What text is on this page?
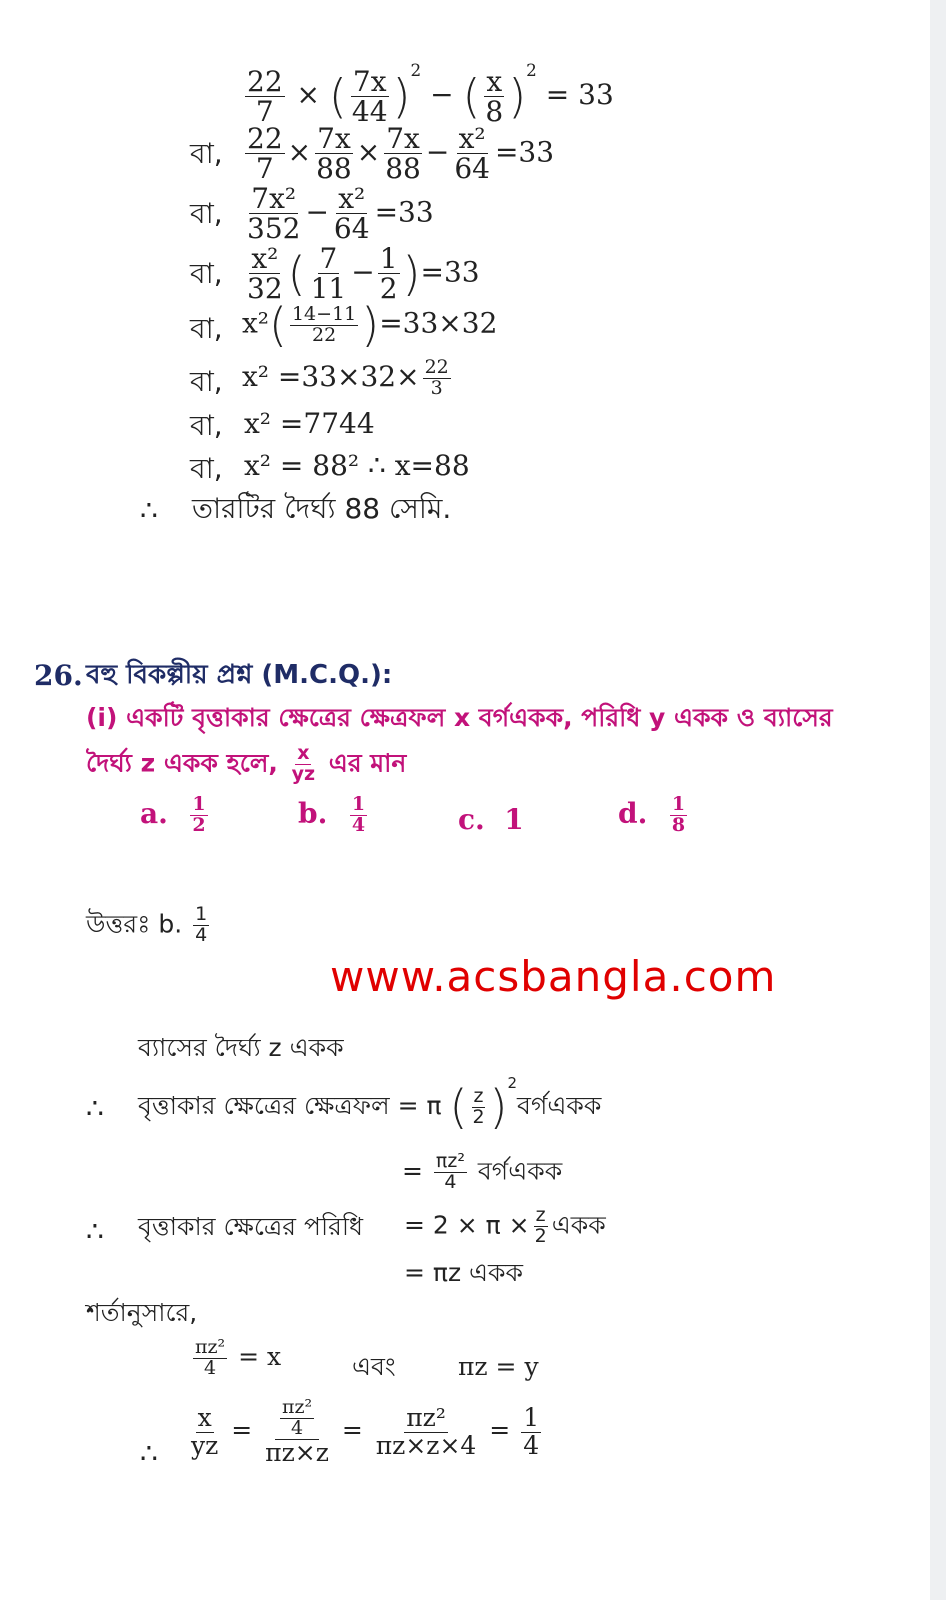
$\frac{22}{7}$ × ( $\frac{7x}{44} )^2$ − ( $\frac{x}{8} )^2 = 33$
বা, $\frac{22}{7} \times \frac{7x}{88} \times \frac{7x}{88} - \frac{\text{x²}}{64} =33$
বা, $\frac{\text{7x²}}{352} - \frac{\text{x²}}{64} =33$
বা, $\frac{\text{x²}}{32}$ ( $\frac{7}{11} - \frac{1}{2} )=33$
বা, $x^2( \frac{14-11}{22} )=33\times 32$
বা, $x^2 =33\times 32\times \frac{22}{3}$
বা, x² =7744
বা, x² = 88² ∴ x=88
∴ তারটির দৈর্ঘ্য 88 সেমি.
26. বহু বিকল্পীয় প্রশ্ন (M.C.Q.):
(i) একটি বৃত্তাকার ক্ষেত্রের ক্ষেত্রফল x বর্গএকক, পরিধি y একক ও ব্যাসের
দৈর্ঘ্য z একক হলে, $\frac{x}{yz}$ এর মান
a. $\frac{1}{2}$	b. $\frac{1}{4}$	c. 1	d. $\frac{1}{8}$
উত্তরঃ b. $\frac{1}{4}$
www.acsbangla.com
ব্যাসের দৈর্ঘ্য z একক
∴ বৃত্তাকার ক্ষেত্রের ক্ষেত্রফল = π ( $\frac{z}{2}$ )$^2$বর্গএকক
= $\frac{\text{πz²}}{4}$ বর্গএকক
∴ বৃত্তাকার ক্ষেত্রের পরিধি = $2 \times \pi \times \frac{z}{2}$ একক
= πz একক
শর্তানুসারে,
$\frac{\text{πz²}}{4} = x$	এবং πz = y
∴ $\frac{x}{yz} = \frac{\frac{\text{πz²}}{4}}{\pi z\times z} = \frac{\text{πz²}}{\pi z\times z\times 4} = \frac{1}{4}$
